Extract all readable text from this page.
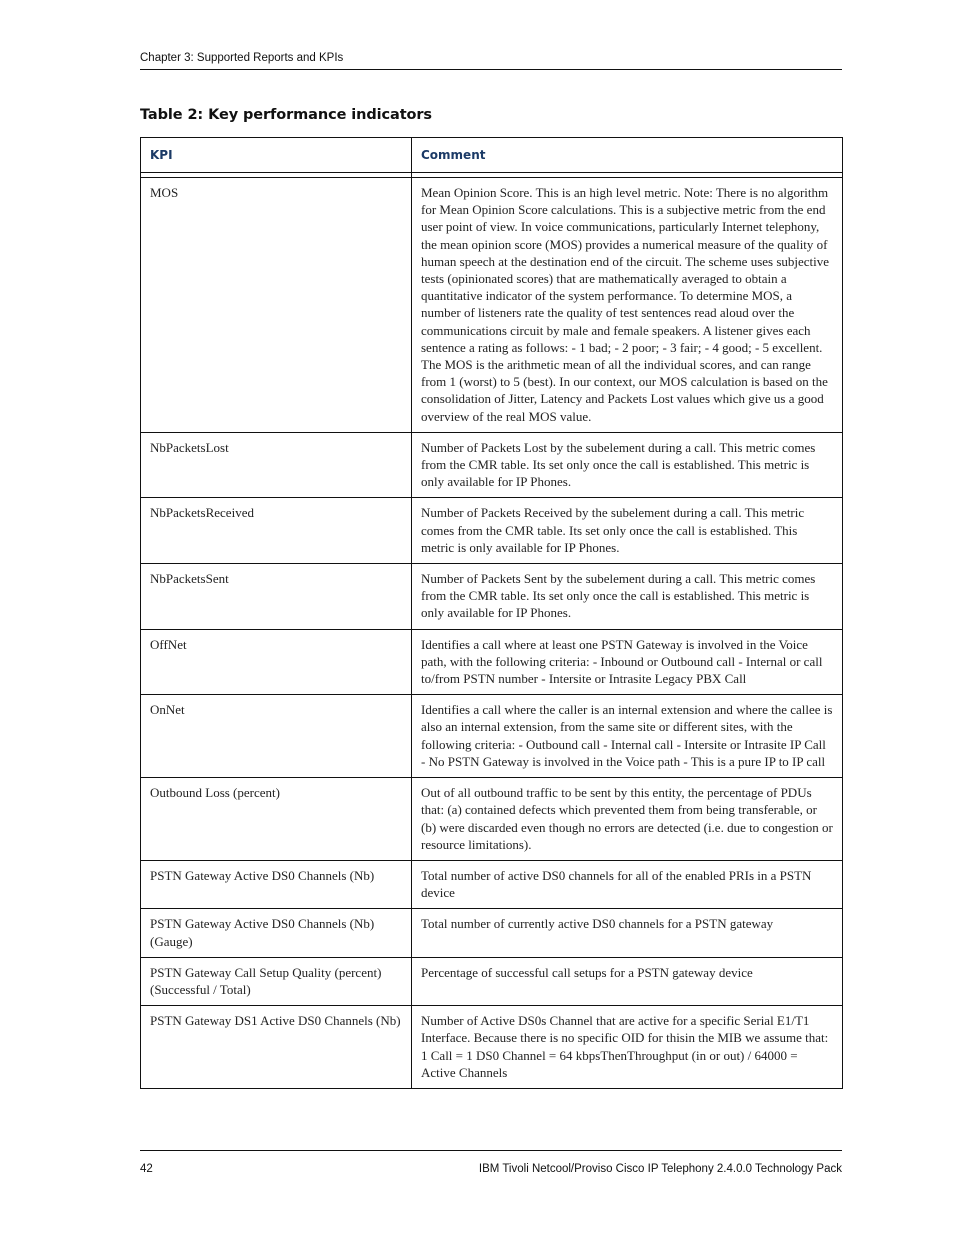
Chapter 3: Supported Reports and KPIs
Table 2: Key performance indicators
KPI	Comment

MOS	Mean Opinion Score. This is an high level metric. Note: There is no algorithm for Mean Opinion Score calculations. This is a subjective metric from the end user point of view. In voice communications, particularly Internet telephony, the mean opinion score (MOS) provides a numerical measure of the quality of human speech at the destination end of the circuit. The scheme uses subjective tests (opinionated scores) that are mathematically averaged to obtain a quantitative indicator of the system performance. To determine MOS, a number of listeners rate the quality of test sentences read aloud over the communications circuit by male and female speakers. A listener gives each sentence a rating as follows: - 1 bad; - 2 poor; - 3 fair; - 4 good; - 5 excellent. The MOS is the arithmetic mean of all the individual scores, and can range from 1 (worst) to 5 (best). In our context, our MOS calculation is based on the consolidation of Jitter, Latency and Packets Lost values which give us a good overview of the real MOS value.
NbPacketsLost	Number of Packets Lost by the subelement during a call. This metric comes from the CMR table. Its set only once the call is established. This metric is only available for IP Phones.
NbPacketsReceived	Number of Packets Received by the subelement during a call. This metric comes from the CMR table. Its set only once the call is established. This metric is only available for IP Phones.
NbPacketsSent	Number of Packets Sent by the subelement during a call. This metric comes from the CMR table. Its set only once the call is established. This metric is only available for IP Phones.
OffNet	Identifies a call where at least one PSTN Gateway is involved in the Voice path, with the following criteria: - Inbound or Outbound call - Internal or call to/from PSTN number - Intersite or Intrasite Legacy PBX Call
OnNet	Identifies a call where the caller is an internal extension and where the callee is also an internal extension, from the same site or different sites, with the following criteria: - Outbound call - Internal call - Intersite or Intrasite IP Call - No PSTN Gateway is involved in the Voice path - This is a pure IP to IP call
Outbound Loss (percent)	Out of all outbound traffic to be sent by this entity, the percentage of PDUs that: (a) contained defects which prevented them from being transferable, or (b) were discarded even though no errors are detected (i.e. due to congestion or resource limitations).
PSTN Gateway Active DS0 Channels (Nb)	Total number of active DS0 channels for all of the enabled PRIs in a PSTN device
PSTN Gateway Active DS0 Channels (Nb) (Gauge)	Total number of currently active DS0 channels for a PSTN gateway
PSTN Gateway Call Setup Quality (percent) (Successful / Total)	Percentage of successful call setups for a PSTN gateway device
PSTN Gateway DS1 Active DS0 Channels (Nb)	Number of Active DS0s Channel that are active for a specific Serial E1/T1 Interface. Because there is no specific OID for thisin the MIB we assume that: 1 Call = 1 DS0 Channel = 64 kbpsThenThroughput (in or out) / 64000 = Active Channels
42	IBM Tivoli Netcool/Proviso Cisco IP Telephony 2.4.0.0 Technology Pack
